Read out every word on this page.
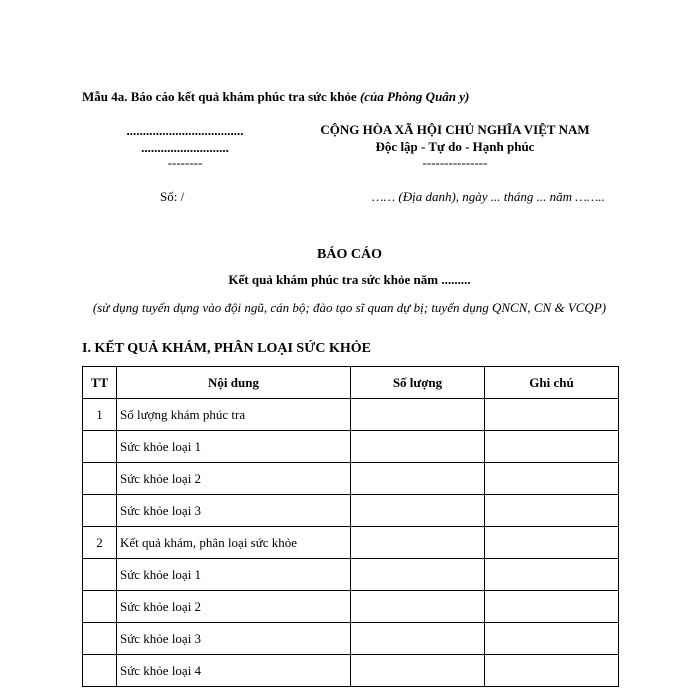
Mẫu 4a. Báo cáo kết quả khám phúc tra sức khỏe (của Phòng Quân y)
....................................
...........................
--------
CỘNG HÒA XÃ HỘI CHỦ NGHĨA VIỆT NAM
Độc lập - Tự do - Hạnh phúc
---------------
Số: /	…… (Địa danh), ngày ... tháng ... năm ……..
BÁO CÁO
Kết quả khám phúc tra sức khỏe năm .........
(sử dụng tuyển dụng vào đội ngũ, cán bộ; đào tạo sĩ quan dự bị; tuyển dụng QNCN, CN & VCQP)
I. KẾT QUẢ KHÁM, PHÂN LOẠI SỨC KHỎE
TT	Nội dung	Số lượng	Ghi chú
1	Số lượng khám phúc tra		
	Sức khỏe loại 1		
	Sức khỏe loại 2		
	Sức khỏe loại 3		
2	Kết quả khám, phân loại sức khỏe		
	Sức khỏe loại 1		
	Sức khỏe loại 2		
	Sức khỏe loại 3		
	Sức khỏe loại 4		
